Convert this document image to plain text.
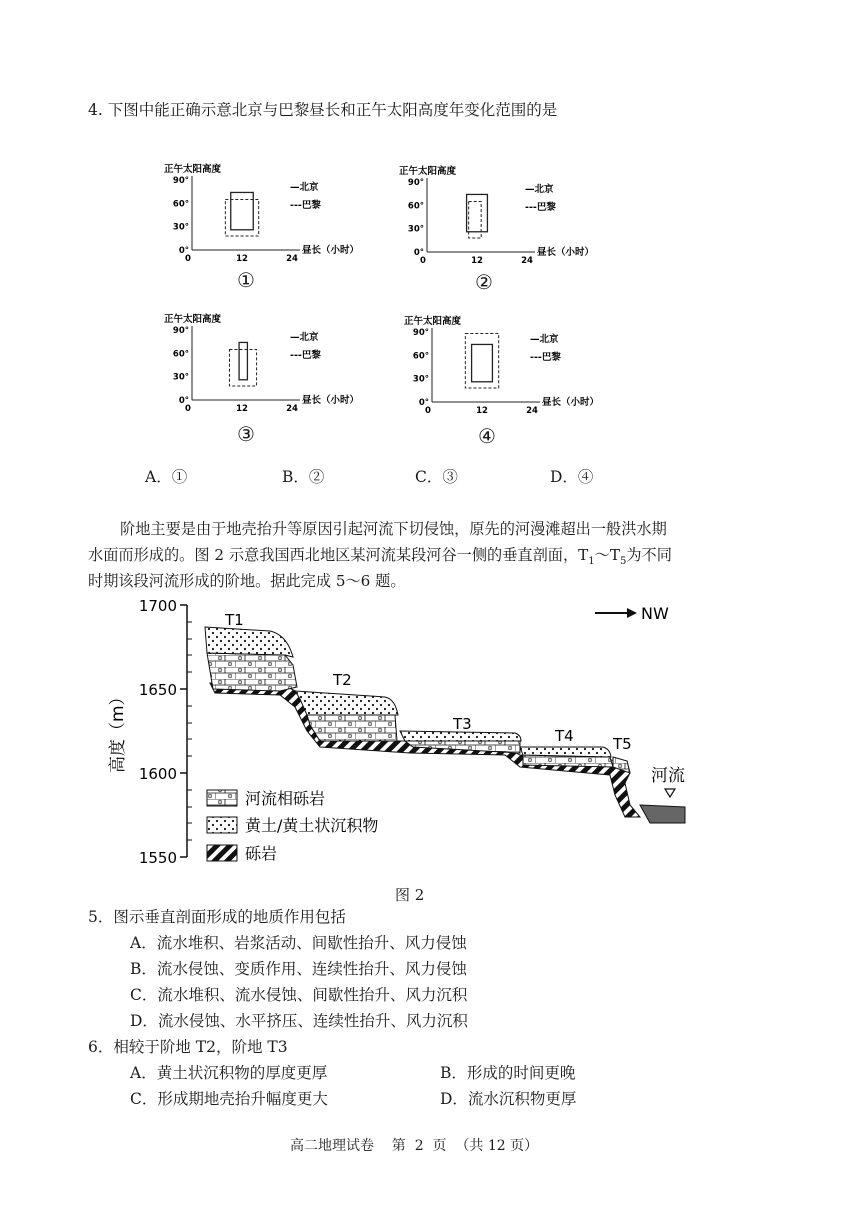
4. 下图中能正确示意北京与巴黎昼长和正午太阳高度年变化范围的是
正午太阳高度
0°
30°
60°
90°
0	12	24
昼长（小时）
—北京
---巴黎
正午太阳高度
0°
30°
60°
90°
0	12	24
昼长（小时）
—北京
---巴黎
正午太阳高度
0°
30°
60°
90°
0	12	24
昼长（小时）
—北京
---巴黎
正午太阳高度
0°
30°
60°
90°
0	12	24
昼长（小时）
—北京
---巴黎
①	②
③	④
A．①	B．②	C．③	D．④
阶地主要是由于地壳抬升等原因引起河流下切侵蚀，原先的河漫滩超出一般洪水期
水面而形成的。图 2 示意我国西北地区某河流某段河谷一侧的垂直剖面，$T_1\sim T_5$为不同
时期该段河流形成的阶地。据此完成 5～6 题。
1700
1650
1600
1550
高度（m）
河流
T1
T2
T3
T4	T5
NW
河流相砾岩
黄土/黄土状沉积物
砾岩
图 2
5．图示垂直剖面形成的地质作用包括
A．流水堆积、岩浆活动、间歇性抬升、风力侵蚀
B．流水侵蚀、变质作用、连续性抬升、风力侵蚀
C．流水堆积、流水侵蚀、间歇性抬升、风力沉积
D．流水侵蚀、水平挤压、连续性抬升、风力沉积
6．相较于阶地 T2，阶地 T3
A．黄土状沉积物的厚度更厚	B．形成的时间更晚
C．形成期地壳抬升幅度更大	D．流水沉积物更厚
高二地理试卷    第  2  页  （共 12 页）
